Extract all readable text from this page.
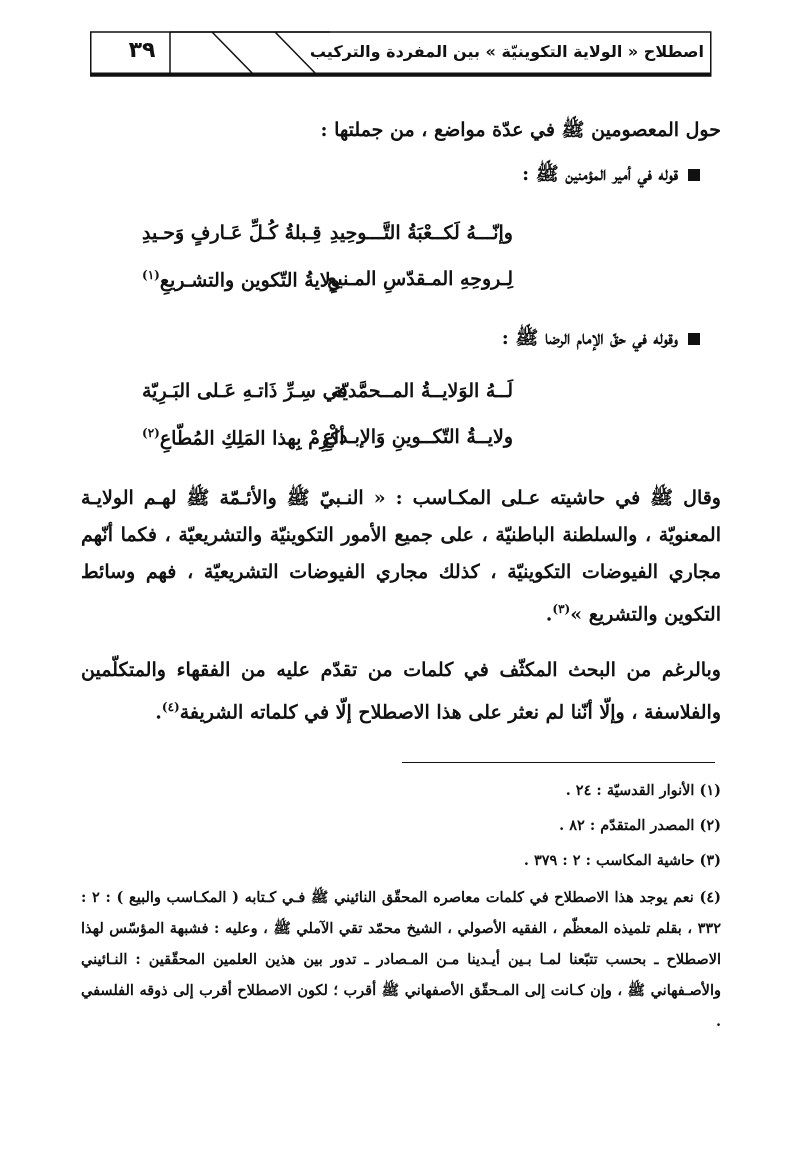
٣٩	اصطلاح « الولاية التكوينيّة » بين المفردة والتركيب
حول المعصومين ﷺ في عدّة مواضع ، من جملتها :
قوله في أمير المؤمنين ﷺ :
وإنّـــهُ لَكــعْبَةُ التَّـــوحِيدِ
قِـبلةُ كُـلِّ عَـارفٍ وَحـيدِ
لِـروحِهِ المـقدّسِ المـنيعِ
ولايةُ التّكوين والتشـريعِ$^{(١)}$
وقوله في حقّ الإمام الرضا ﷺ :
لَــهُ الوَلايــةُ المــحمَّديّة
في سِـرِّ ذَاتـهِ عَـلى البَـرِيّة
ولايــةُ التّكــوينِ وَالإبـداعِ
أكْرِمْ بِهذا المَلِكِ المُطّاعِ$^{(٢)}$
وقال ﷺ في حاشيته عـلى المكـاسب : « النـبيّ ﷺ والأئـمّة ﷺ لهـم الولايـة المعنويّة ، والسلطنة الباطنيّة ، على جميع الأمور التكوينيّة والتشريعيّة ، فكما أنّهم مجاري الفيوضات التكوينيّة ، كذلك مجاري الفيوضات التشريعيّة ، فهم وسائط التكوين والتشريع »$^{(٣)}$.
وبالرغم من البحث المكثّف في كلمات من تقدّم عليه من الفقهاء والمتكلّمين والفلاسفة ، وإلّا أنّنا لم نعثر على هذا الاصطلاح إلّا في كلماته الشريفة$^{(٤)}$.
(١) الأنوار القدسيّة : ٢٤ .
(٢) المصدر المتقدّم : ٨٢ .
(٣) حاشية المكاسب : ٢ : ٣٧٩ .
(٤) نعم يوجد هذا الاصطلاح في كلمات معاصره المحقّق النائيني ﷺ فـي كـتابه ( المكـاسب والبيع ) : ٢ : ٣٣٢ ، بقلم تلميذه المعظّم ، الفقيه الأصولي ، الشيخ محمّد تقي الآملي ﷺ ، وعليه : فشبهة المؤسّس لهذا الاصطلاح ـ بحسب تتبّعنا لمـا بـين أيـدينا مـن المـصادر ـ تدور بين هذين العلمين المحقّقين : النـائيني والأصـفهاني ﷺ ، وإن كـانت إلى المـحقّق الأصفهاني ﷺ أقرب ؛ لكون الاصطلاح أقرب إلى ذوقه الفلسفي .
